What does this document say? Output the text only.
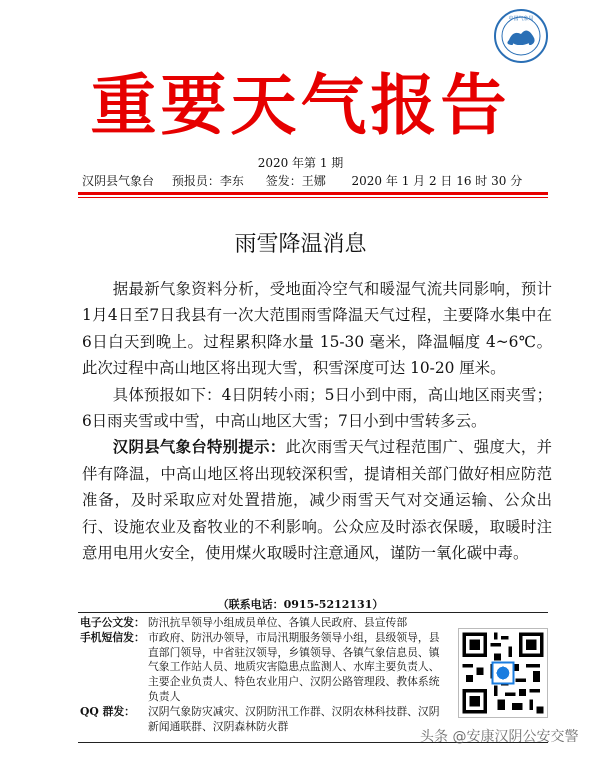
中国气象局
重要天气报告
2020 年第 1 期
汉阴县气象台 预报员：李东 签发：王娜 2020 年 1 月 2 日 16 时 30 分
雨雪降温消息

据最新气象资料分析，受地面冷空气和暖湿气流共同影响，预计 1月4日至7日我县有一次大范围雨雪降温天气过程，主要降水集中在6日白天到晚上。过程累积降水量 15-30 毫米，降温幅度 4~6℃。此次过程中高山地区将出现大雪，积雪深度可达 10-20 厘米。

具体预报如下：4日阴转小雨；5日小到中雨，高山地区雨夹雪；6日雨夹雪或中雪，中高山地区大雪；7日小到中雪转多云。

汉阴县气象台特别提示：此次雨雪天气过程范围广、强度大，并伴有降温，中高山地区将出现较深积雪，提请相关部门做好相应防范准备，及时采取应对处置措施，减少雨雪天气对交通运输、公众出行、设施农业及畜牧业的不利影响。公众应及时添衣保暖，取暖时注意用电用火安全，使用煤火取暖时注意通风，谨防一氧化碳中毒。

（联系电话：0915-5212131）
电子公文发： 防汛抗旱领导小组成员单位、各镇人民政府、县宣传部
手机短信发： 市政府、防汛办领导，市局汛期服务领导小组，县级领导，县直部门领导，中省驻汉领导，乡镇领导、各镇气象信息员、镇气象工作站人员、地质灾害隐患点监测人、水库主要负责人、主要企业负责人、特色农业用户、汉阴公路管理段、教体系统负责人
QQ 群发：	汉阴气象防灾减灾、汉阴防汛工作群、汉阴农林科技群、汉阴新闻通联群、汉阴森林防火群
头条 @安康汉阴公安交警
